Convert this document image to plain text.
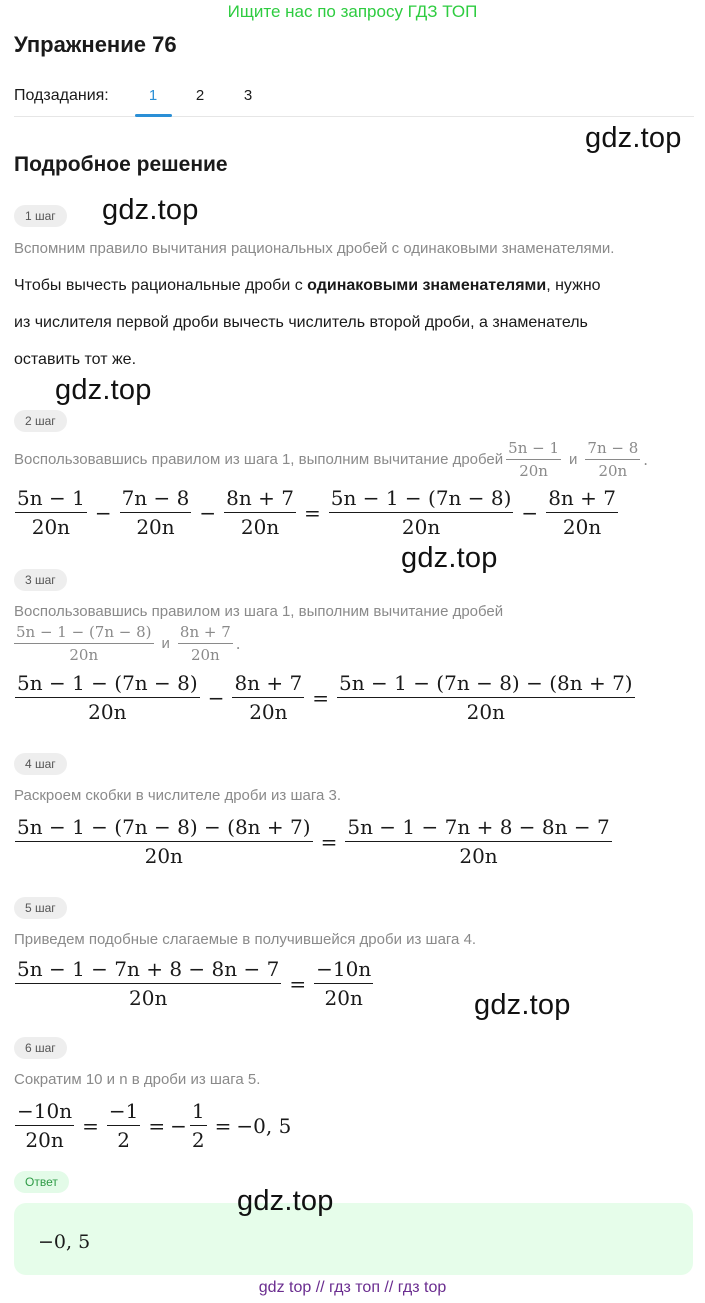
Ищите нас по запросу ГДЗ ТОП
Упражнение 76
Подзадания:	1	2	3
gdz.top
Подробное решение
1 шаг	gdz.top
Вспомним правило вычитания рациональных дробей с одинаковыми знаменателями.
Чтобы вычесть рациональные дроби с одинаковыми знаменателями, нужно
из числителя первой дроби вычесть числитель второй дроби, а знаменатель
оставить тот же.
gdz.top
2 шаг
Воспользовавшись правилом из шага 1, выполним вычитание дробей $\frac{5n - 1}{20n}$ и $\frac{7n - 8}{20n}$ .
$\frac{5n - 1}{20n} - \frac{7n - 8}{20n} - \frac{8n + 7}{20n} = \frac{5n - 1 - (7n - 8)}{20n} - \frac{8n + 7}{20n}$
gdz.top
3 шаг
Воспользовавшись правилом из шага 1, выполним вычитание дробей
$\frac{5n - 1 - (7n - 8)}{20n}$ и $\frac{8n + 7}{20n}$ .
$\frac{5n - 1 - (7n - 8)}{20n} - \frac{8n + 7}{20n} = \frac{5n - 1 - (7n - 8) - (8n + 7)}{20n}$
4 шаг
Раскроем скобки в числителе дроби из шага 3.
$\frac{5n - 1 - (7n - 8) - (8n + 7)}{20n} = \frac{5n - 1 - 7n + 8 - 8n - 7}{20n}$
5 шаг
Приведем подобные слагаемые в получившейся дроби из шага 4.
$\frac{5n - 1 - 7n + 8 - 8n - 7}{20n} = \frac{-10n}{20n}$	gdz.top
6 шаг
Сократим 10 и n в дроби из шага 5.
$\frac{-10n}{20n} = \frac{-1}{2}$ = − $\frac{1}{2} = -0$, 5
Ответ
−0, 5
gdz.top
gdz top // гдз топ // гдз top
